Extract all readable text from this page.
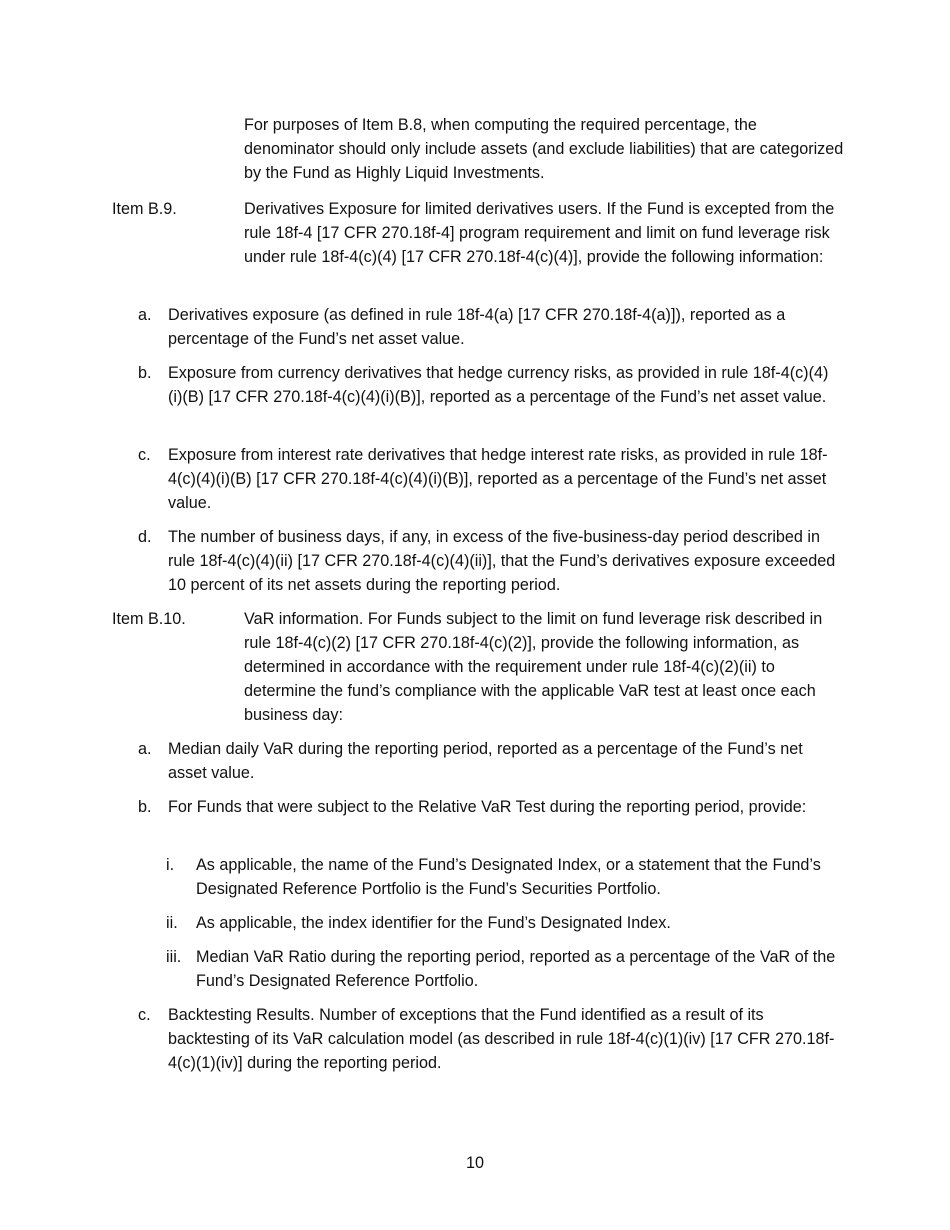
For purposes of Item B.8, when computing the required percentage, the denominator should only include assets (and exclude liabilities) that are categorized by the Fund as Highly Liquid Investments.
Item B.9.	Derivatives Exposure for limited derivatives users. If the Fund is excepted from the rule 18f-4 [17 CFR 270.18f-4] program requirement and limit on fund leverage risk under rule 18f-4(c)(4) [17 CFR 270.18f-4(c)(4)], provide the following information:
a.	Derivatives exposure (as defined in rule 18f-4(a) [17 CFR 270.18f-4(a)]), reported as a percentage of the Fund’s net asset value.
b.	Exposure from currency derivatives that hedge currency risks, as provided in rule 18f-4(c)(4)(i)(B) [17 CFR 270.18f-4(c)(4)(i)(B)], reported as a percentage of the Fund’s net asset value.
c.	Exposure from interest rate derivatives that hedge interest rate risks, as provided in rule 18f-4(c)(4)(i)(B) [17 CFR 270.18f-4(c)(4)(i)(B)], reported as a percentage of the Fund’s net asset value.
d.	The number of business days, if any, in excess of the five-business-day period described in rule 18f-4(c)(4)(ii) [17 CFR 270.18f-4(c)(4)(ii)], that the Fund’s derivatives exposure exceeded 10 percent of its net assets during the reporting period.
Item B.10.	VaR information. For Funds subject to the limit on fund leverage risk described in rule 18f-4(c)(2) [17 CFR 270.18f-4(c)(2)], provide the following information, as determined in accordance with the requirement under rule 18f-4(c)(2)(ii) to determine the fund’s compliance with the applicable VaR test at least once each business day:
a.	Median daily VaR during the reporting period, reported as a percentage of the Fund’s net asset value.
b.	For Funds that were subject to the Relative VaR Test during the reporting period, provide:
i.	As applicable, the name of the Fund’s Designated Index, or a statement that the Fund’s Designated Reference Portfolio is the Fund’s Securities Portfolio.
ii.	As applicable, the index identifier for the Fund’s Designated Index.
iii. Median VaR Ratio during the reporting period, reported as a percentage of the VaR of the Fund’s Designated Reference Portfolio.
c.	Backtesting Results. Number of exceptions that the Fund identified as a result of its backtesting of its VaR calculation model (as described in rule 18f-4(c)(1)(iv) [17 CFR 270.18f-4(c)(1)(iv)] during the reporting period.
10
